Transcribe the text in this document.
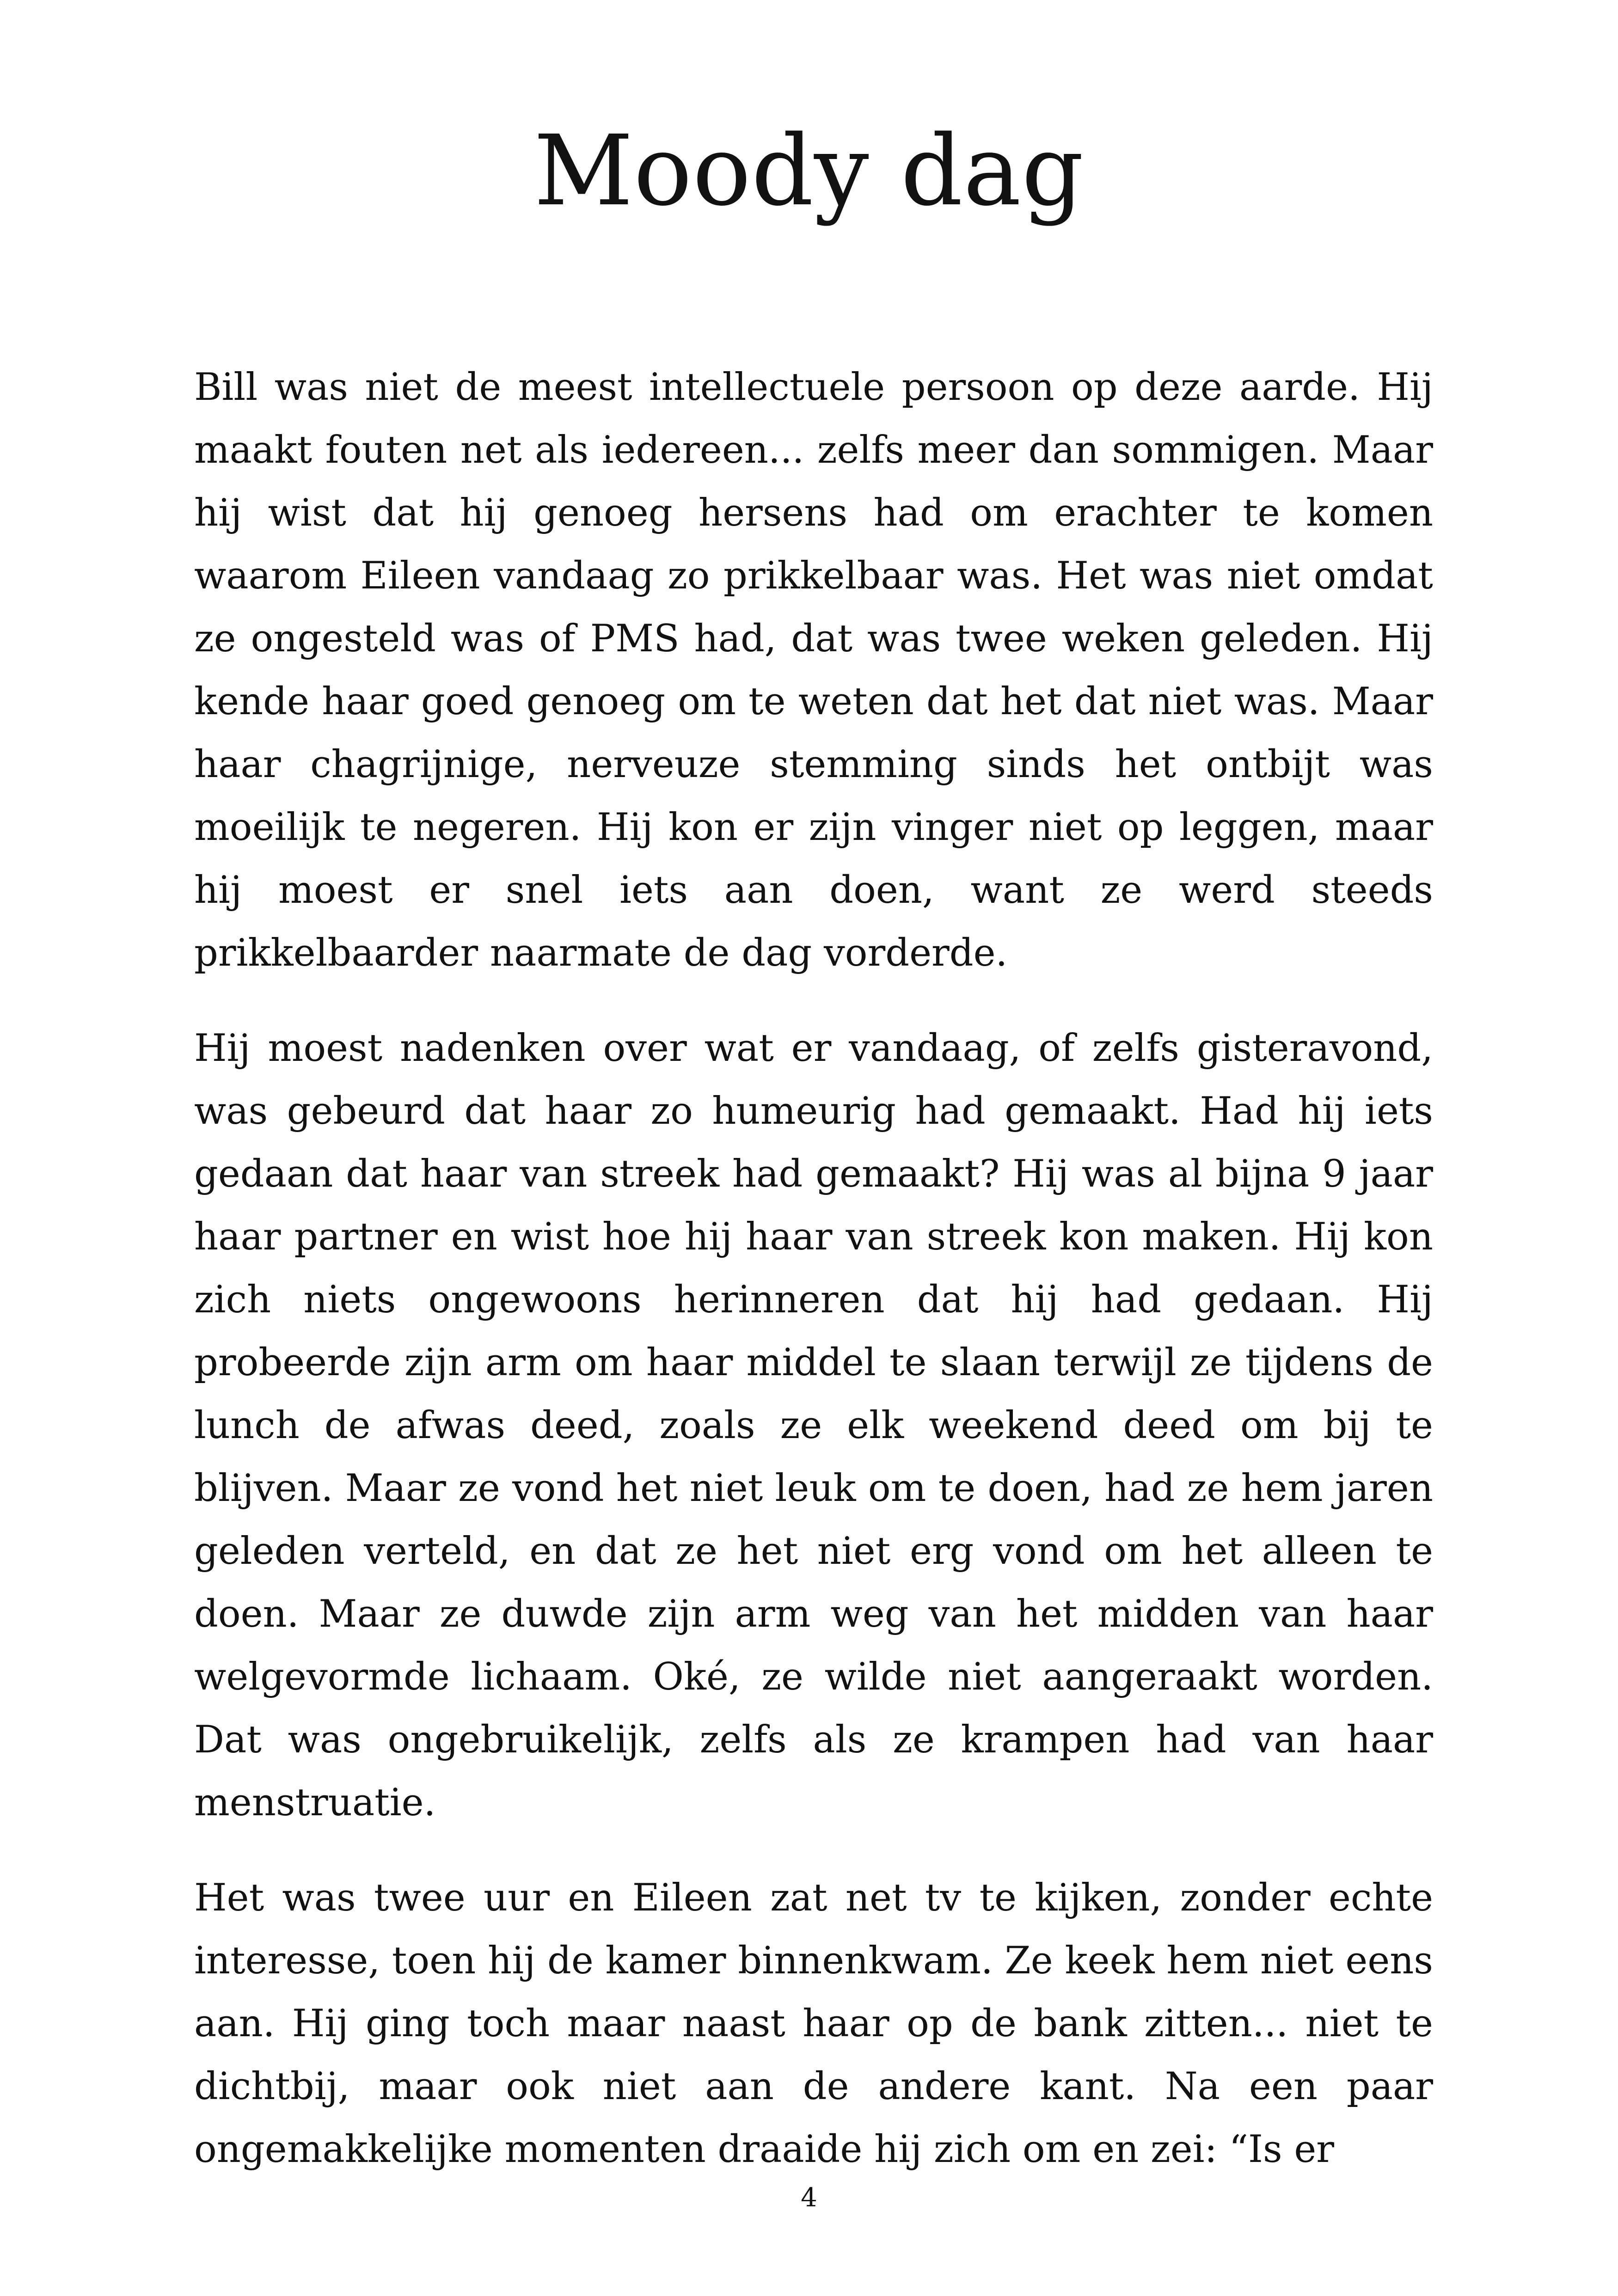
Moody dag

Bill was niet de meest intellectuele persoon op deze aarde. Hij maakt fouten net als iedereen... zelfs meer dan sommigen. Maar hij wist dat hij genoeg hersens had om erachter te komen waarom Eileen vandaag zo prikkelbaar was. Het was niet omdat ze ongesteld was of PMS had, dat was twee weken geleden. Hij kende haar goed genoeg om te weten dat het dat niet was. Maar haar chagrijnige, nerveuze stemming sinds het ontbijt was moeilijk te negeren. Hij kon er zijn vinger niet op leggen, maar hij moest er snel iets aan doen, want ze werd steeds prikkelbaarder naarmate de dag vorderde.

Hij moest nadenken over wat er vandaag, of zelfs gisteravond, was gebeurd dat haar zo humeurig had gemaakt. Had hij iets gedaan dat haar van streek had gemaakt? Hij was al bijna 9 jaar haar partner en wist hoe hij haar van streek kon maken. Hij kon zich niets ongewoons herinneren dat hij had gedaan. Hij probeerde zijn arm om haar middel te slaan terwijl ze tijdens de lunch de afwas deed, zoals ze elk weekend deed om bij te blijven. Maar ze vond het niet leuk om te doen, had ze hem jaren geleden verteld, en dat ze het niet erg vond om het alleen te doen. Maar ze duwde zijn arm weg van het midden van haar welgevormde lichaam. Oké, ze wilde niet aangeraakt worden. Dat was ongebruikelijk, zelfs als ze krampen had van haar menstruatie.

Het was twee uur en Eileen zat net tv te kijken, zonder echte interesse, toen hij de kamer binnenkwam. Ze keek hem niet eens aan. Hij ging toch maar naast haar op de bank zitten... niet te dichtbij, maar ook niet aan de andere kant. Na een paar ongemakkelijke momenten draaide hij zich om en zei: “Is er

4
